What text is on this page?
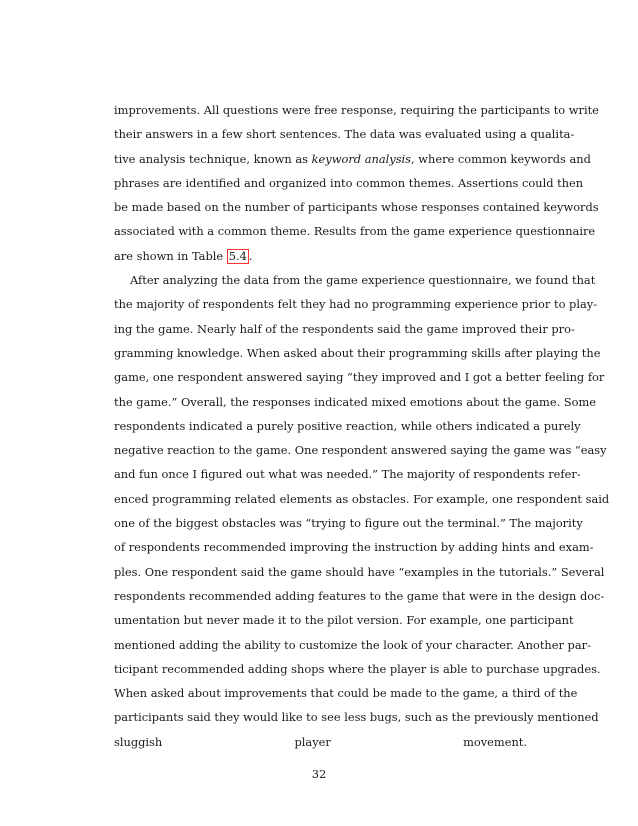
improvements. All questions were free response, requiring the participants to write
their answers in a few short sentences. The data was evaluated using a qualita-
tive analysis technique, known as keyword analysis, where common keywords and
phrases are identified and organized into common themes. Assertions could then
be made based on the number of participants whose responses contained keywords
associated with a common theme. Results from the game experience questionnaire
are shown in Table 5.4 .
After analyzing the data from the game experience questionnaire, we found that
the majority of respondents felt they had no programming experience prior to play-
ing the game. Nearly half of the respondents said the game improved their pro-
gramming knowledge. When asked about their programming skills after playing the
game, one respondent answered saying “they improved and I got a better feeling for
the game.” Overall, the responses indicated mixed emotions about the game. Some
respondents indicated a purely positive reaction, while others indicated a purely
negative reaction to the game. One respondent answered saying the game was “easy
and fun once I figured out what was needed.” The majority of respondents refer-
enced programming related elements as obstacles. For example, one respondent said
one of the biggest obstacles was “trying to figure out the terminal.” The majority
of respondents recommended improving the instruction by adding hints and exam-
ples. One respondent said the game should have “examples in the tutorials.” Several
respondents recommended adding features to the game that were in the design doc-
umentation but never made it to the pilot version. For example, one participant
mentioned adding the ability to customize the look of your character. Another par-
ticipant recommended adding shops where the player is able to purchase upgrades.
When asked about improvements that could be made to the game, a third of the
participants said they would like to see less bugs, such as the previously mentioned
sluggish player movement.
32
